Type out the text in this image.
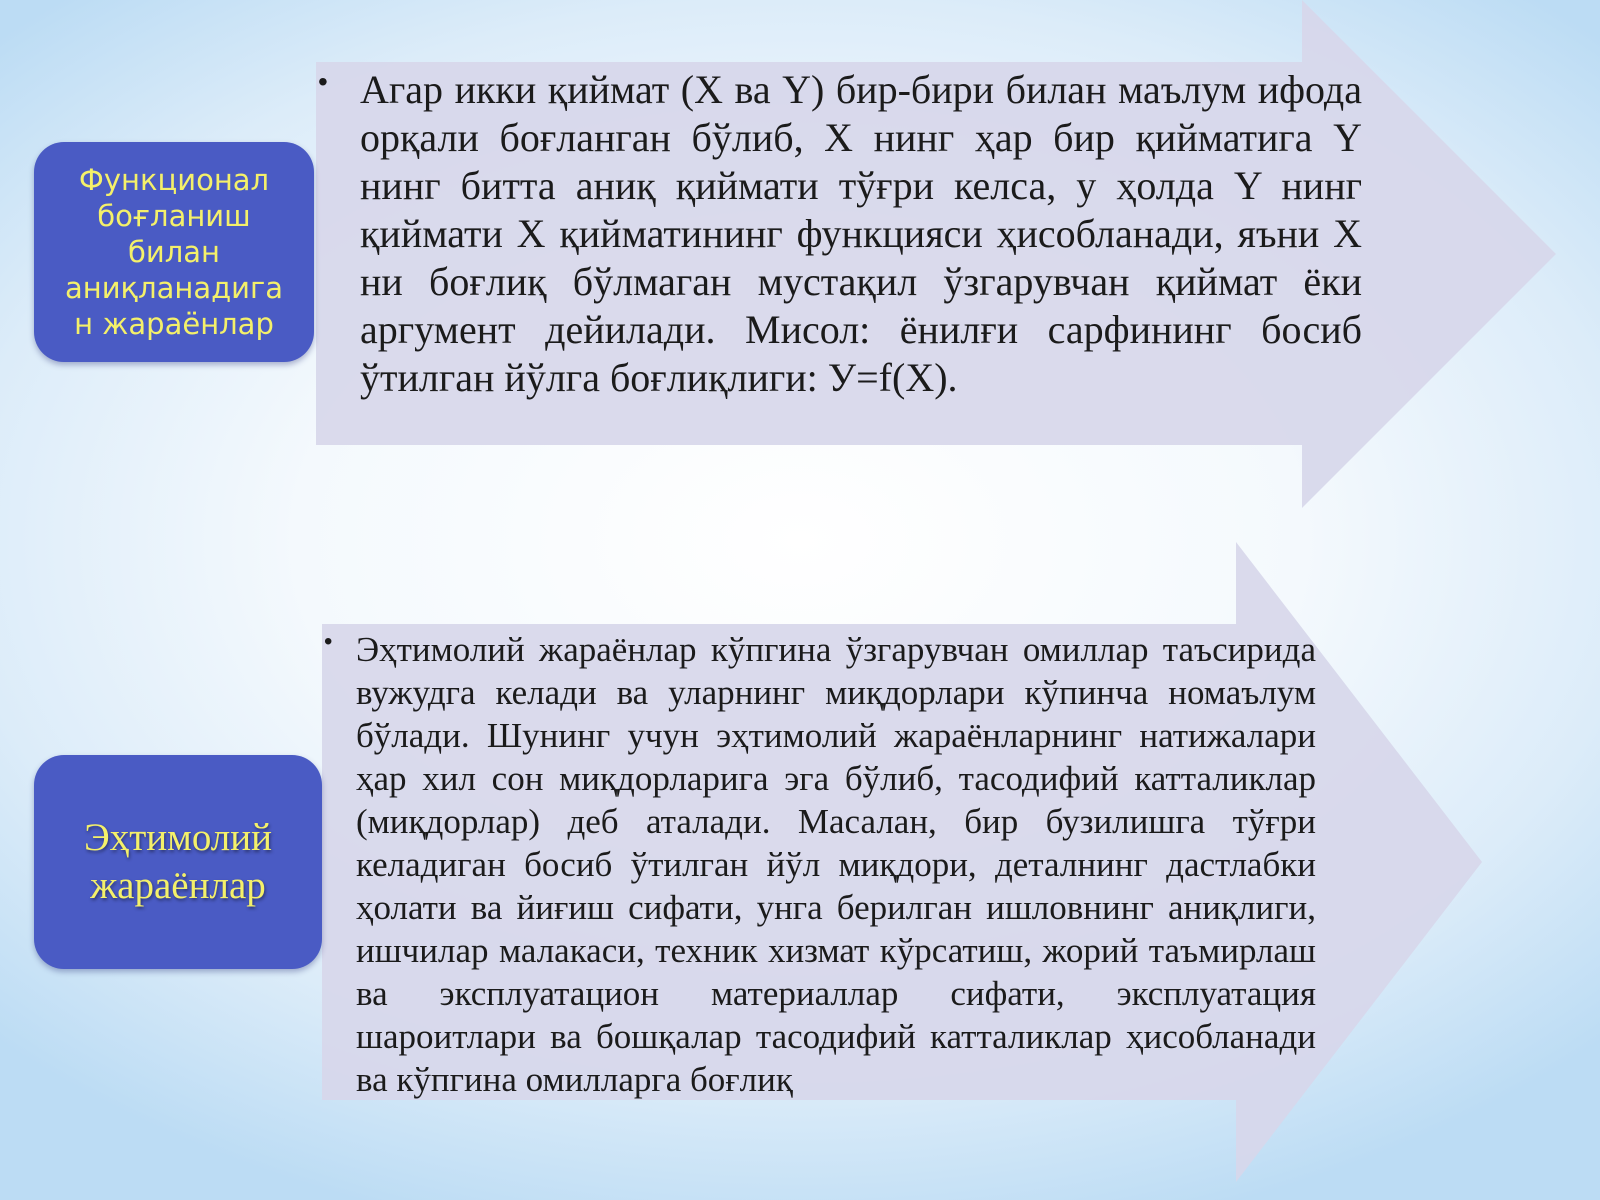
Функционал
боғланиш
билан
аниқланадига
н жараёнлар
• Агар икки қиймат (X ва Y) бир-бири билан маълум ифода орқали боғланган бўлиб, X нинг ҳар бир қийматига Y нинг битта аниқ қиймати тўғри келса, у ҳолда Y нинг қиймати X қийматининг функцияси ҳисобланади, яъни X ни боғлиқ бўлмаган мустақил ўзгарувчан қиймат ёки аргумент дейилади. Мисол: ёнилғи сарфининг босиб ўтилган йўлга боғлиқлиги: У=f(X).
Эҳтимолий
жараёнлар
• Эҳтимолий жараёнлар кўпгина ўзгарувчан омиллар таъсирида вужудга келади ва уларнинг миқдорлари кўпинча номаълум бўлади. Шунинг учун эҳтимолий жараёнларнинг натижалари ҳар хил сон миқдорларига эга бўлиб, тасодифий катталиклар (миқдорлар) деб аталади. Масалан, бир бузилишга тўғри келадиган босиб ўтилган йўл миқдори, деталнинг дастлабки ҳолати ва йиғиш сифати, унга берилган ишловнинг аниқлиги, ишчилар малакаси, техник хизмат кўрсатиш, жорий таъмирлаш ва эксплуатацион материаллар сифати, эксплуатация шароитлари ва бошқалар тасодифий катталиклар ҳисобланади ва кўпгина омилларга боғлиқ
